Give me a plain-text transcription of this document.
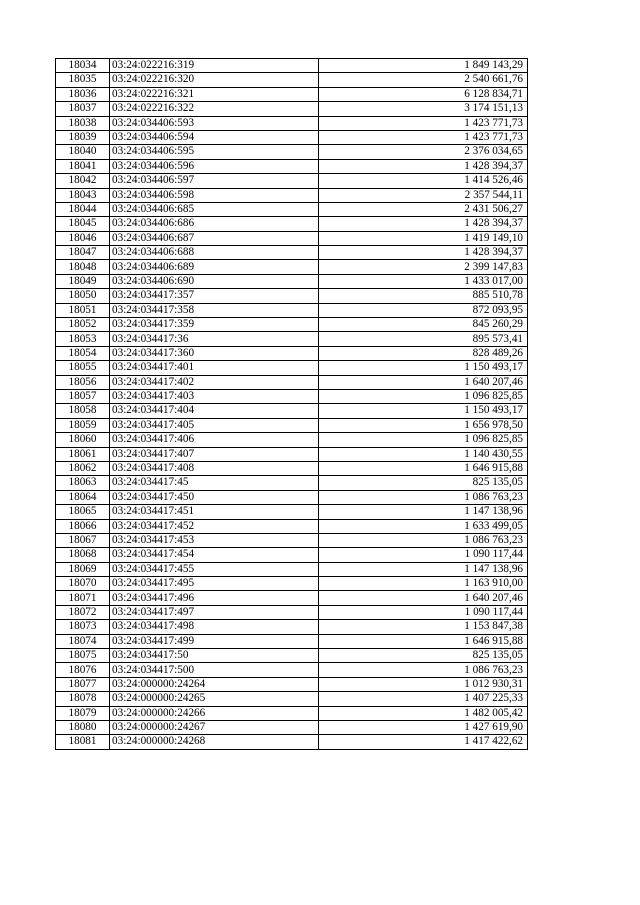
18034	03:24:022216:319	1 849 143,29
18035	03:24:022216:320	2 540 661,76
18036	03:24:022216:321	6 128 834,71
18037	03:24:022216:322	3 174 151,13
18038	03:24:034406:593	1 423 771,73
18039	03:24:034406:594	1 423 771,73
18040	03:24:034406:595	2 376 034,65
18041	03:24:034406:596	1 428 394,37
18042	03:24:034406:597	1 414 526,46
18043	03:24:034406:598	2 357 544,11
18044	03:24:034406:685	2 431 506,27
18045	03:24:034406:686	1 428 394,37
18046	03:24:034406:687	1 419 149,10
18047	03:24:034406:688	1 428 394,37
18048	03:24:034406:689	2 399 147,83
18049	03:24:034406:690	1 433 017,00
18050	03:24:034417:357	885 510,78
18051	03:24:034417:358	872 093,95
18052	03:24:034417:359	845 260,29
18053	03:24:034417:36	895 573,41
18054	03:24:034417:360	828 489,26
18055	03:24:034417:401	1 150 493,17
18056	03:24:034417:402	1 640 207,46
18057	03:24:034417:403	1 096 825,85
18058	03:24:034417:404	1 150 493,17
18059	03:24:034417:405	1 656 978,50
18060	03:24:034417:406	1 096 825,85
18061	03:24:034417:407	1 140 430,55
18062	03:24:034417:408	1 646 915,88
18063	03:24:034417:45	825 135,05
18064	03:24:034417:450	1 086 763,23
18065	03:24:034417:451	1 147 138,96
18066	03:24:034417:452	1 633 499,05
18067	03:24:034417:453	1 086 763,23
18068	03:24:034417:454	1 090 117,44
18069	03:24:034417:455	1 147 138,96
18070	03:24:034417:495	1 163 910,00
18071	03:24:034417:496	1 640 207,46
18072	03:24:034417:497	1 090 117,44
18073	03:24:034417:498	1 153 847,38
18074	03:24:034417:499	1 646 915,88
18075	03:24:034417:50	825 135,05
18076	03:24:034417:500	1 086 763,23
18077	03:24:000000:24264	1 012 930,31
18078	03:24:000000:24265	1 407 225,33
18079	03:24:000000:24266	1 482 005,42
18080	03:24:000000:24267	1 427 619,90
18081	03:24:000000:24268	1 417 422,62
